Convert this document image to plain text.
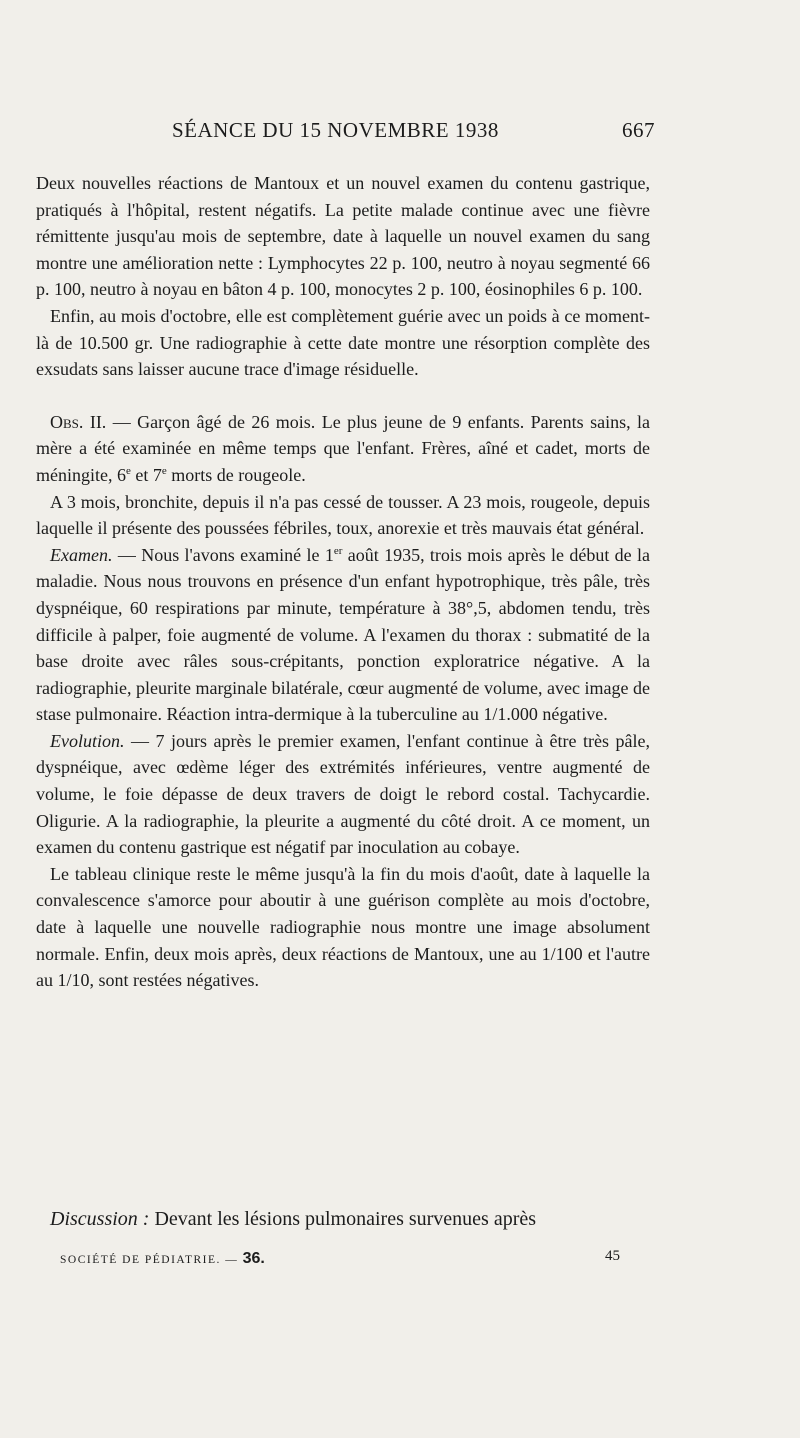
SÉANCE DU 15 NOVEMBRE 1938	667

Deux nouvelles réactions de Mantoux et un nouvel examen du contenu gastrique, pratiqués à l'hôpital, restent négatifs. La petite malade continue avec une fièvre rémittente jusqu'au mois de septembre, date à laquelle un nouvel examen du sang montre une amélioration nette : Lymphocytes 22 p. 100, neutro à noyau segmenté 66 p. 100, neutro à noyau en bâton 4 p. 100, monocytes 2 p. 100, éosinophiles 6 p. 100.

Enfin, au mois d'octobre, elle est complètement guérie avec un poids à ce moment-là de 10.500 gr. Une radiographie à cette date montre une résorption complète des exsudats sans laisser aucune trace d'image résiduelle.

Obs. II. — Garçon âgé de 26 mois. Le plus jeune de 9 enfants. Parents sains, la mère a été examinée en même temps que l'enfant. Frères, aîné et cadet, morts de méningite, 6e et 7e morts de rougeole.

A 3 mois, bronchite, depuis il n'a pas cessé de tousser. A 23 mois, rougeole, depuis laquelle il présente des poussées fébriles, toux, anorexie et très mauvais état général.

Examen. — Nous l'avons examiné le 1er août 1935, trois mois après le début de la maladie. Nous nous trouvons en présence d'un enfant hypotrophique, très pâle, très dyspnéique, 60 respirations par minute, température à 38°,5, abdomen tendu, très difficile à palper, foie augmenté de volume. A l'examen du thorax : submatité de la base droite avec râles sous-crépitants, ponction exploratrice négative. A la radiographie, pleurite marginale bilatérale, cœur augmenté de volume, avec image de stase pulmonaire. Réaction intra-dermique à la tuberculine au 1/1.000 négative.

Evolution. — 7 jours après le premier examen, l'enfant continue à être très pâle, dyspnéique, avec œdème léger des extrémités inférieures, ventre augmenté de volume, le foie dépasse de deux travers de doigt le rebord costal. Tachycardie. Oligurie. A la radiographie, la pleurite a augmenté du côté droit. A ce moment, un examen du contenu gastrique est négatif par inoculation au cobaye.

Le tableau clinique reste le même jusqu'à la fin du mois d'août, date à laquelle la convalescence s'amorce pour aboutir à une guérison complète au mois d'octobre, date à laquelle une nouvelle radiographie nous montre une image absolument normale. Enfin, deux mois après, deux réactions de Mantoux, une au 1/100 et l'autre au 1/10, sont restées négatives.

Discussion : Devant les lésions pulmonaires survenues après
SOCIÉTÉ DE PÉDIATRIE. — 36.	45
